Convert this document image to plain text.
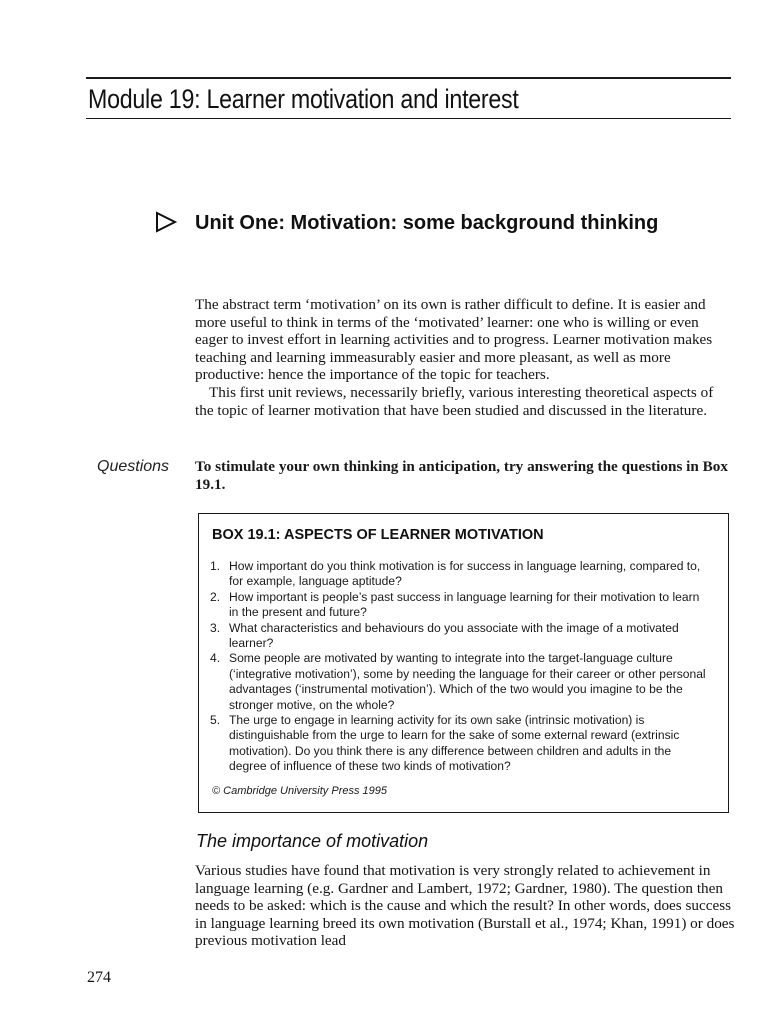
Module 19: Learner motivation and interest
Unit One: Motivation: some background thinking

The abstract term ‘motivation’ on its own is rather difficult to define. It is easier and more useful to think in terms of the ‘motivated’ learner: one who is willing or even eager to invest effort in learning activities and to progress. Learner motivation makes teaching and learning immeasurably easier and more pleasant, as well as more productive: hence the importance of the topic for teachers.

This first unit reviews, necessarily briefly, various interesting theoretical aspects of the topic of learner motivation that have been studied and discussed in the literature.

Questions To stimulate your own thinking in anticipation, try answering the questions in Box 19.1.

BOX 19.1: ASPECTS OF LEARNER MOTIVATION
1. How important do you think motivation is for success in language learning, compared to, for example, language aptitude?
2. How important is people’s past success in language learning for their motivation to learn in the present and future?
3. What characteristics and behaviours do you associate with the image of a motivated learner?
4. Some people are motivated by wanting to integrate into the target-language culture (‘integrative motivation’), some by needing the language for their career or other personal advantages (‘instrumental motivation’). Which of the two would you imagine to be the stronger motive, on the whole?
5. The urge to engage in learning activity for its own sake (intrinsic motivation) is distinguishable from the urge to learn for the sake of some external reward (extrinsic motivation). Do you think there is any difference between children and adults in the degree of influence of these two kinds of motivation?

© Cambridge University Press 1995

The importance of motivation

Various studies have found that motivation is very strongly related to achievement in language learning (e.g. Gardner and Lambert, 1972; Gardner, 1980). The question then needs to be asked: which is the cause and which the result? In other words, does success in language learning breed its own motivation (Burstall et al., 1974; Khan, 1991) or does previous motivation lead

274
